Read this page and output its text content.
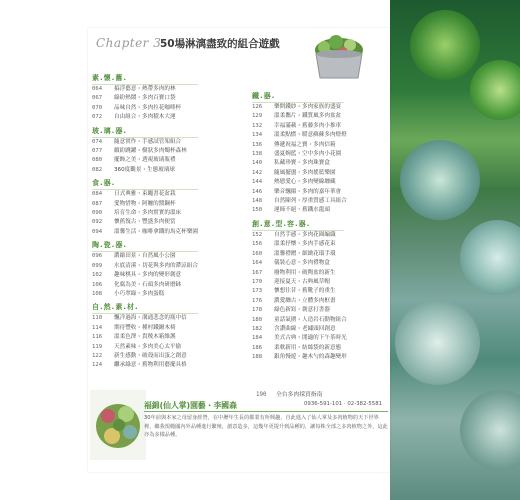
Chapter 3
50場淋漓盡致的組合遊戲
素.懷.舊.
064 搞浮藝意・熱帶多肉的林
067 綠紛熱鬧・多肉百寶口袋
070 品味自然・多肉拉花咖啡杯
072 自由組合・多肉積木大運
玻.璃.器.
074 隨意實作・手感試管架組合
077 繽紛跳躍・樹狀多肉燭杯森林
080 擺飾之美・透視玻璃瓶禮
082 360度觀景・生態玻璃球
食.器.
084 日式典雅・束繩書花盆栽
087 愛物惜物・阿嬤的醬鋼杯
090 培育生命・多肉實實的溫床
092 懷舊復古・豐盛多肉便當
094 溫馨生活・咖啡拿鐵的馬克杯樂園
陶.瓷.器.
096 濃縮田景・自然風小公園
099 水底清溪・切花與多肉的滯涼組合
102 趣味棋具・多肉的變形創意
106 化腐為美・石頭多肉研磨缽
108 小巧翠綠・多肉蛋糕
自.然.素.材.
110 飄洋過海・溝通悲念的瓶中信
114 期待豐收・種村鐵鍬木椅
116 溫柔色澤・貴稜木箱維護
119 天然素味・多肉美心太平偷
122 新生感動・破殼而出蛋之創意
124 繼承綠意・舊物利用藝擺具格
鐵.器.
126 樂開鐵紗・多肉家族的盛宴
129 溫柔攜片・鐵質風多肉盆盆
132 幸福滿載・舊藤多肉小推車
134 溫柔點燃・暖意蘇蘇多肉燈燈
136 傳遞祝福之寶・多肉信箱
138 盛夏婉藍・空中多肉小花園
140 私藏珍寶・多肉珠寶盒
142 隨風擺盪・多肉搖籃樂園
144 熱戀愛心・多肉變線纏藏
146 樂音飄揚・多肉的嘉年華會
148 自然陳列・厚重質感工具組合
150 運締不絕・舊鐵水龍頭
創.意.型.容.器.
152 自然手感・多肉花圈編織
156 溫柔抒懷・多肉手感花束
160 溫馨禮贈・細緻花環手環
164 儀裝心意・多肉禮物盒
167 廢物利用・破陶盆的新生
170 迎接夏天・古典風草帽
173 懷想往昔・舊靴子的重生
176 濃愛纏古・立體多肉框畫
178 綠色新寫・創意打書器
180 童話氣圍・人造岩石動物組合
182 含讚曲線・老繡頭回創意
184 美式古典・閒適的下午茶時光
186 柔軟新用・紡絲袋的新意態
188 銀角慢遊・趣木勺的森趣變形
190 全台多肉採買指南
福錦(仙人掌)園藝・李國森	0936-591-101 · 02-382-5581
30年前與本家之母留身經營，在中壢年生長的都業有所興趣，自此進入了仙人掌及多肉植物的天下世界裡，繼我規範國內外品種進行繁殖，創意造多，這幾年更提升到品種的，讓每株全部之多肉植物之外，這此亦為多樣品種。
